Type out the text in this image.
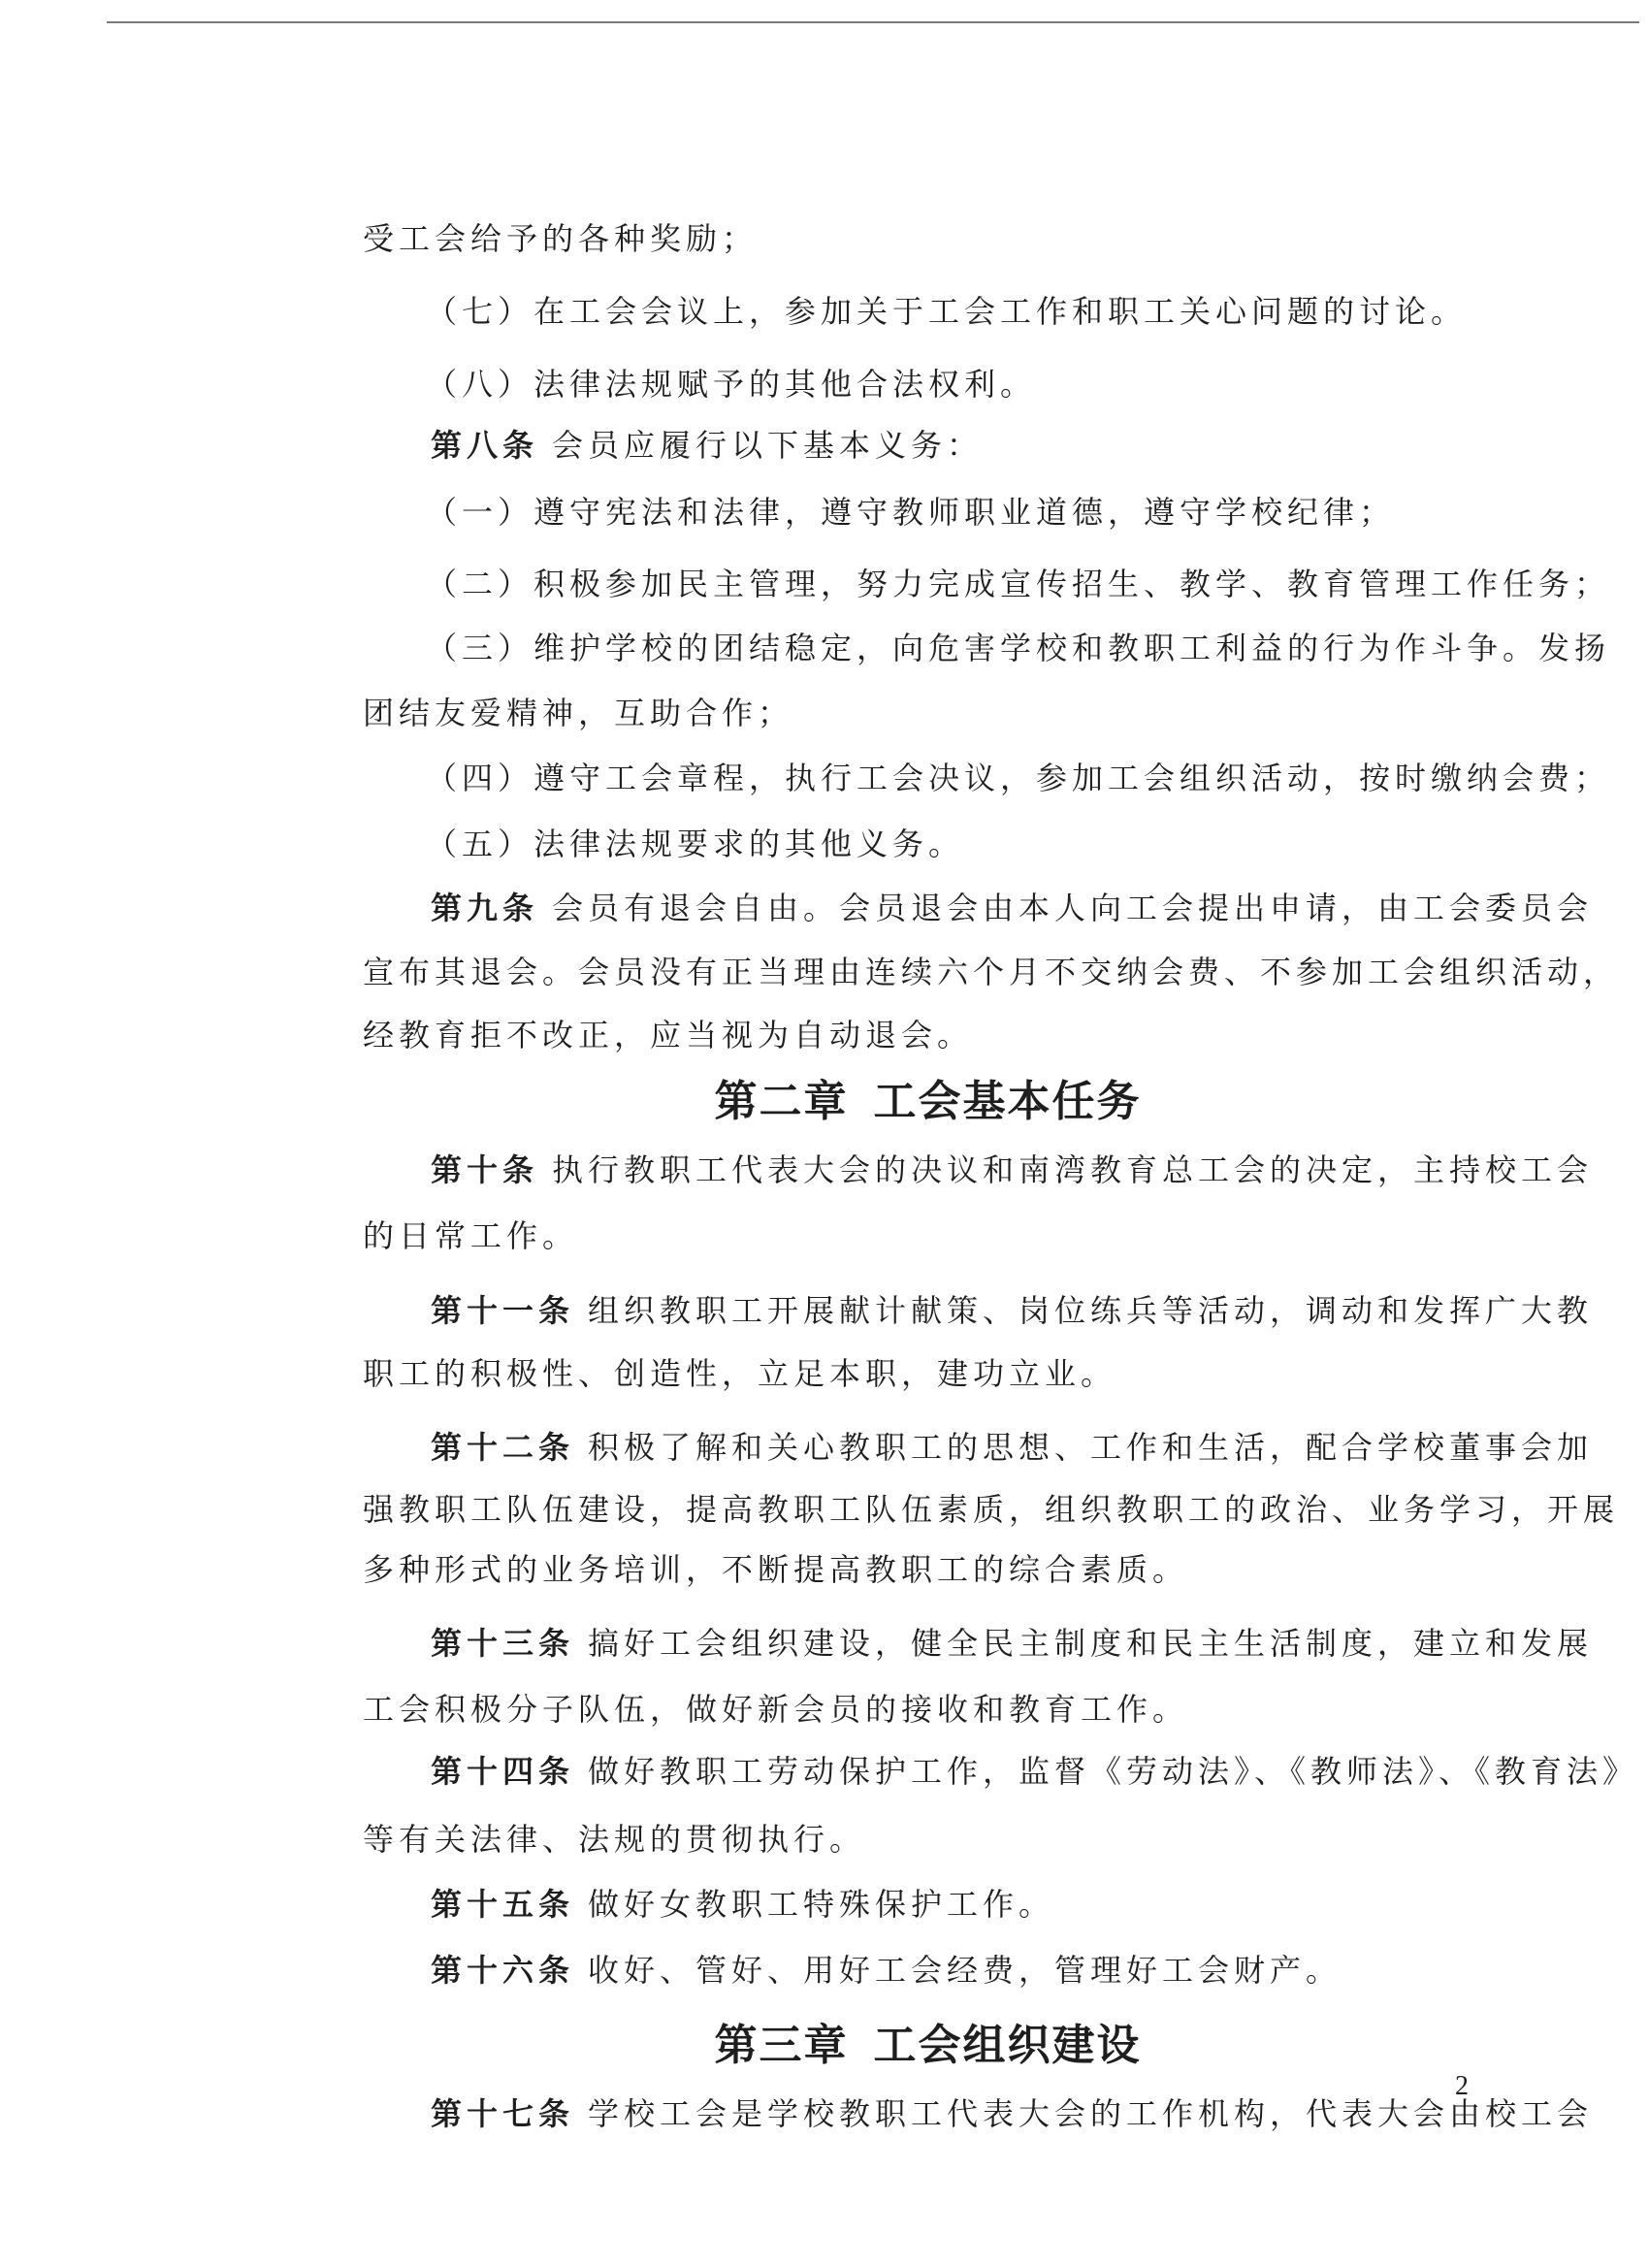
受工会给予的各种奖励；
（七）在工会会议上，参加关于工会工作和职工关心问题的讨论。
（八）法律法规赋予的其他合法权利。
第八条 会员应履行以下基本义务：
（一）遵守宪法和法律，遵守教师职业道德，遵守学校纪律；
（二）积极参加民主管理，努力完成宣传招生、教学、教育管理工作任务；
（三）维护学校的团结稳定，向危害学校和教职工利益的行为作斗争。发扬
团结友爱精神，互助合作；
（四）遵守工会章程，执行工会决议，参加工会组织活动，按时缴纳会费；
（五）法律法规要求的其他义务。
第九条 会员有退会自由。会员退会由本人向工会提出申请，由工会委员会
宣布其退会。会员没有正当理由连续六个月不交纳会费、不参加工会组织活动，
经教育拒不改正，应当视为自动退会。
第二章 工会基本任务
第十条 执行教职工代表大会的决议和南湾教育总工会的决定，主持校工会
的日常工作。
第十一条 组织教职工开展献计献策、岗位练兵等活动，调动和发挥广大教
职工的积极性、创造性，立足本职，建功立业。
第十二条 积极了解和关心教职工的思想、工作和生活，配合学校董事会加
强教职工队伍建设，提高教职工队伍素质，组织教职工的政治、业务学习，开展
多种形式的业务培训，不断提高教职工的综合素质。
第十三条 搞好工会组织建设，健全民主制度和民主生活制度，建立和发展
工会积极分子队伍，做好新会员的接收和教育工作。
第十四条 做好教职工劳动保护工作，监督《劳动法》、《教师法》、《教育法》
等有关法律、法规的贯彻执行。
第十五条 做好女教职工特殊保护工作。
第十六条 收好、管好、用好工会经费，管理好工会财产。
第三章 工会组织建设
第十七条 学校工会是学校教职工代表大会的工作机构，代表大会由校工会
2
